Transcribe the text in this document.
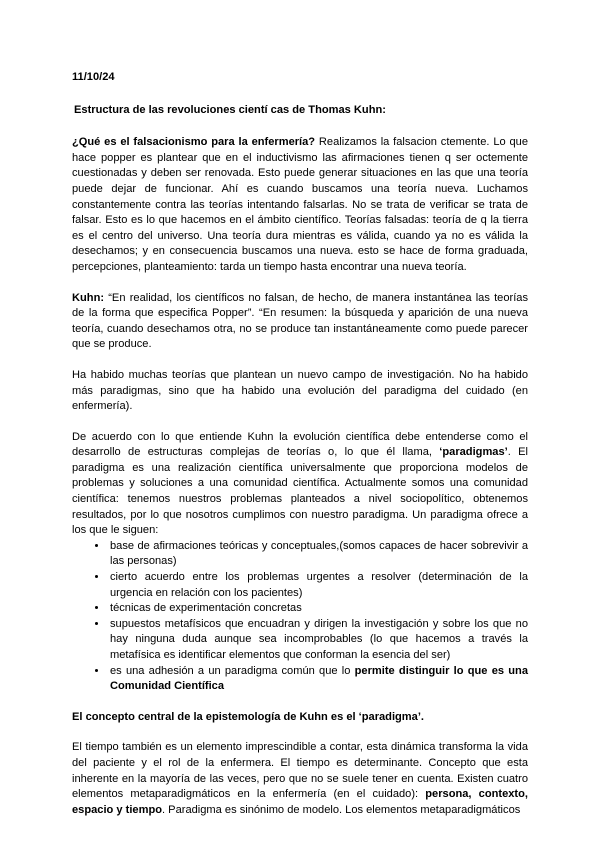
11/10/24
Estructura de las revoluciones cientí cas de Thomas Kuhn:

¿Qué es el falsacionismo para la enfermería? Realizamos la falsacion ctemente. Lo que hace popper es plantear que en el inductivismo las afirmaciones tienen q ser octemente cuestionadas y deben ser renovada. Esto puede generar situaciones en las que una teoría puede dejar de funcionar. Ahí es cuando buscamos una teoría nueva. Luchamos constantemente contra las teorías intentando falsarlas. No se trata de verificar se trata de falsar. Esto es lo que hacemos en el ámbito científico. Teorías falsadas: teoría de q la tierra es el centro del universo. Una teoría dura mientras es válida, cuando ya no es válida la desechamos; y en consecuencia buscamos una nueva. esto se hace de forma graduada, percepciones, planteamiento: tarda un tiempo hasta encontrar una nueva teoría.

Kuhn: “En realidad, los científicos no falsan, de hecho, de manera instantánea las teorías de la forma que especifica Popper”. “En resumen: la búsqueda y aparición de una nueva teoría, cuando desechamos otra, no se produce tan instantáneamente como puede parecer que se produce.

Ha habido muchas teorías que plantean un nuevo campo de investigación. No ha habido más paradigmas, sino que ha habido una evolución del paradigma del cuidado (en enfermería).

De acuerdo con lo que entiende Kuhn la evolución científica debe entenderse como el desarrollo de estructuras complejas de teorías o, lo que él llama, ‘paradigmas’. El paradigma es una realización científica universalmente que proporciona modelos de problemas y soluciones a una comunidad científica. Actualmente somos una comunidad científica: tenemos nuestros problemas planteados a nivel sociopolítico, obtenemos resultados, por lo que nosotros cumplimos con nuestro paradigma. Un paradigma ofrece a los que le siguen:

• base de afirmaciones teóricas y conceptuales,(somos capaces de hacer sobrevivir a las personas)
• cierto acuerdo entre los problemas urgentes a resolver (determinación de la urgencia en relación con los pacientes)
• técnicas de experimentación concretas
• supuestos metafísicos que encuadran y dirigen la investigación y sobre los que no hay ninguna duda aunque sea incomprobables (lo que hacemos a través la metafísica es identificar elementos que conforman la esencia del ser)
• es una adhesión a un paradigma común que lo permite distinguir lo que es una Comunidad Científica
El concepto central de la epistemología de Kuhn es el ‘paradigma’.

El tiempo también es un elemento imprescindible a contar, esta dinámica transforma la vida del paciente y el rol de la enfermera. El tiempo es determinante. Concepto que esta inherente en la mayoría de las veces, pero que no se suele tener en cuenta. Existen cuatro elementos metaparadigmáticos en la enfermería (en el cuidado): persona, contexto, espacio y tiempo. Paradigma es sinónimo de modelo. Los elementos metaparadigmáticos
